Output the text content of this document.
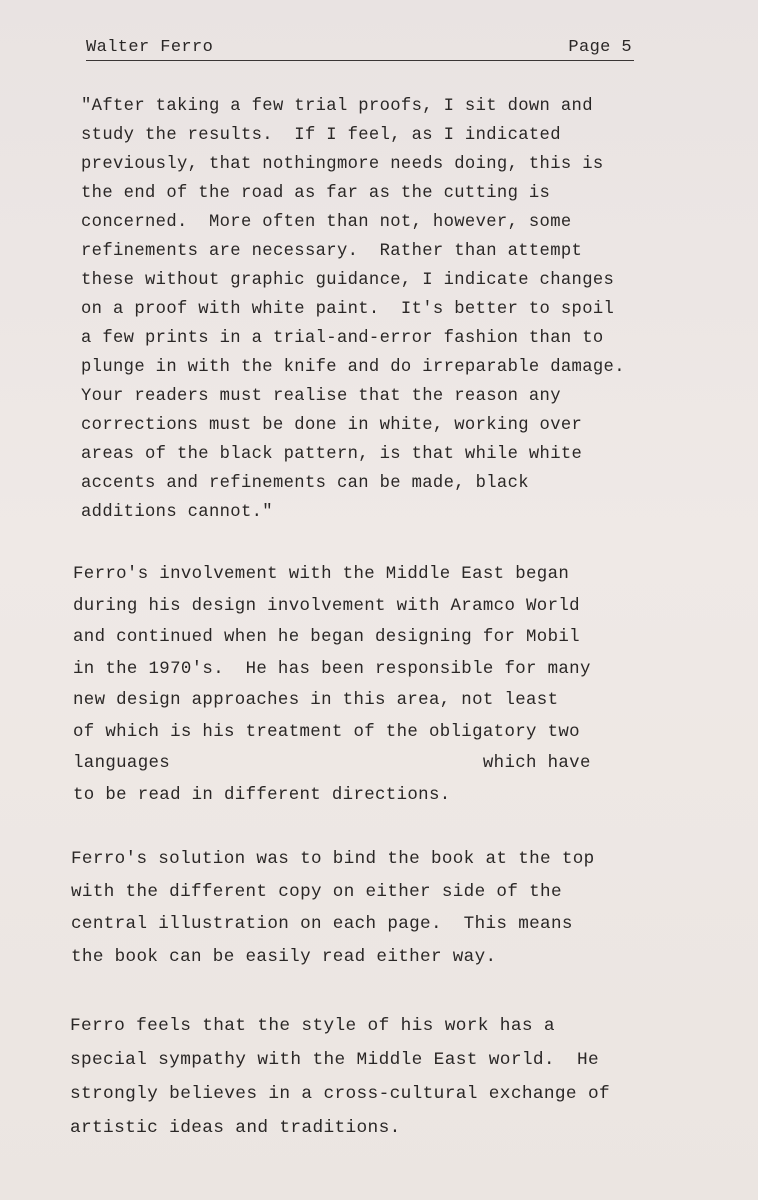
Walter Ferro	Page 5
"After taking a few trial proofs, I sit down and
study the results.  If I feel, as I indicated
previously, that nothingmore needs doing, this is
the end of the road as far as the cutting is
concerned.  More often than not, however, some
refinements are necessary.  Rather than attempt
these without graphic guidance, I indicate changes
on a proof with white paint.  It's better to spoil
a few prints in a trial-and-error fashion than to
plunge in with the knife and do irreparable damage.
Your readers must realise that the reason any
corrections must be done in white, working over
areas of the black pattern, is that while white
accents and refinements can be made, black
additions cannot."
Ferro's involvement with the Middle East began
during his design involvement with Aramco World
and continued when he began designing for Mobil
in the 1970's.  He has been responsible for many
new design approaches in this area, not least
of which is his treatment of the obligatory two
languages                             which have
to be read in different directions.
Ferro's solution was to bind the book at the top
with the different copy on either side of the
central illustration on each page.  This means
the book can be easily read either way.
Ferro feels that the style of his work has a
special sympathy with the Middle East world.  He
strongly believes in a cross-cultural exchange of
artistic ideas and traditions.
